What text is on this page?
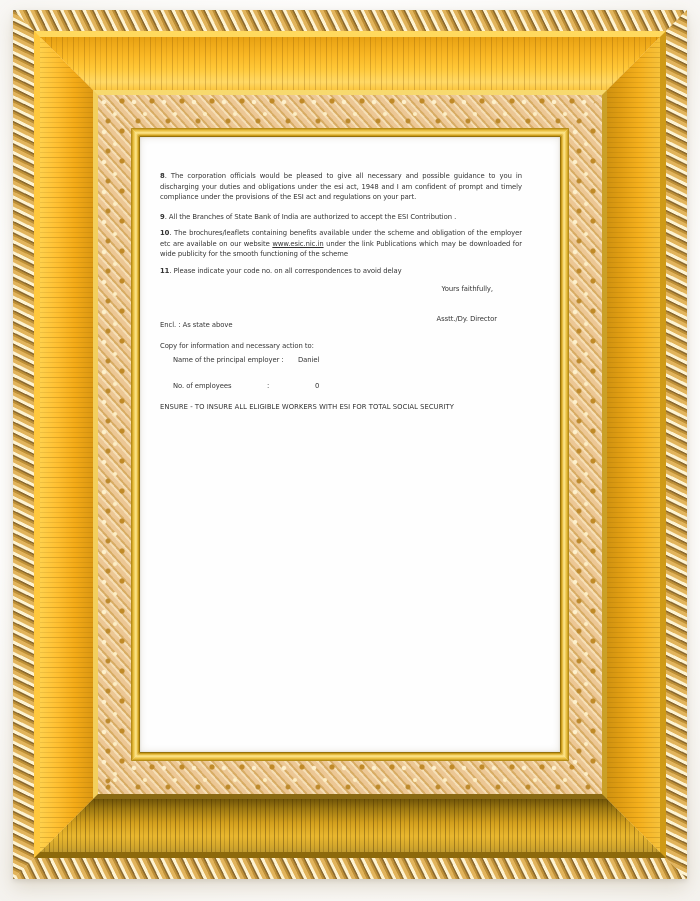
8. The corporation officials would be pleased to give all necessary and possible guidance to you in discharging your duties and obligations under the esi act, 1948 and I am confident of prompt and timely compliance under the provisions of the ESI act and regulations on your part.

9. All the Branches of State Bank of India are authorized to accept the ESI Contribution .

10. The brochures/leaflets containing benefits available under the scheme and obligation of the employer etc are available on our website www.esic.nic.in under the link Publications which may be downloaded for wide publicity for the smooth functioning of the scheme

11. Please indicate your code no. on all correspondences to avoid delay

Yours faithfully,

Encl. : As state above
Asstt./Dy. Director
Copy for information and necessary action to:
Name of the principal employer : Daniel
No. of employees	:	0
ENSURE - TO INSURE ALL ELIGIBLE WORKERS WITH ESI FOR TOTAL SOCIAL SECURITY
